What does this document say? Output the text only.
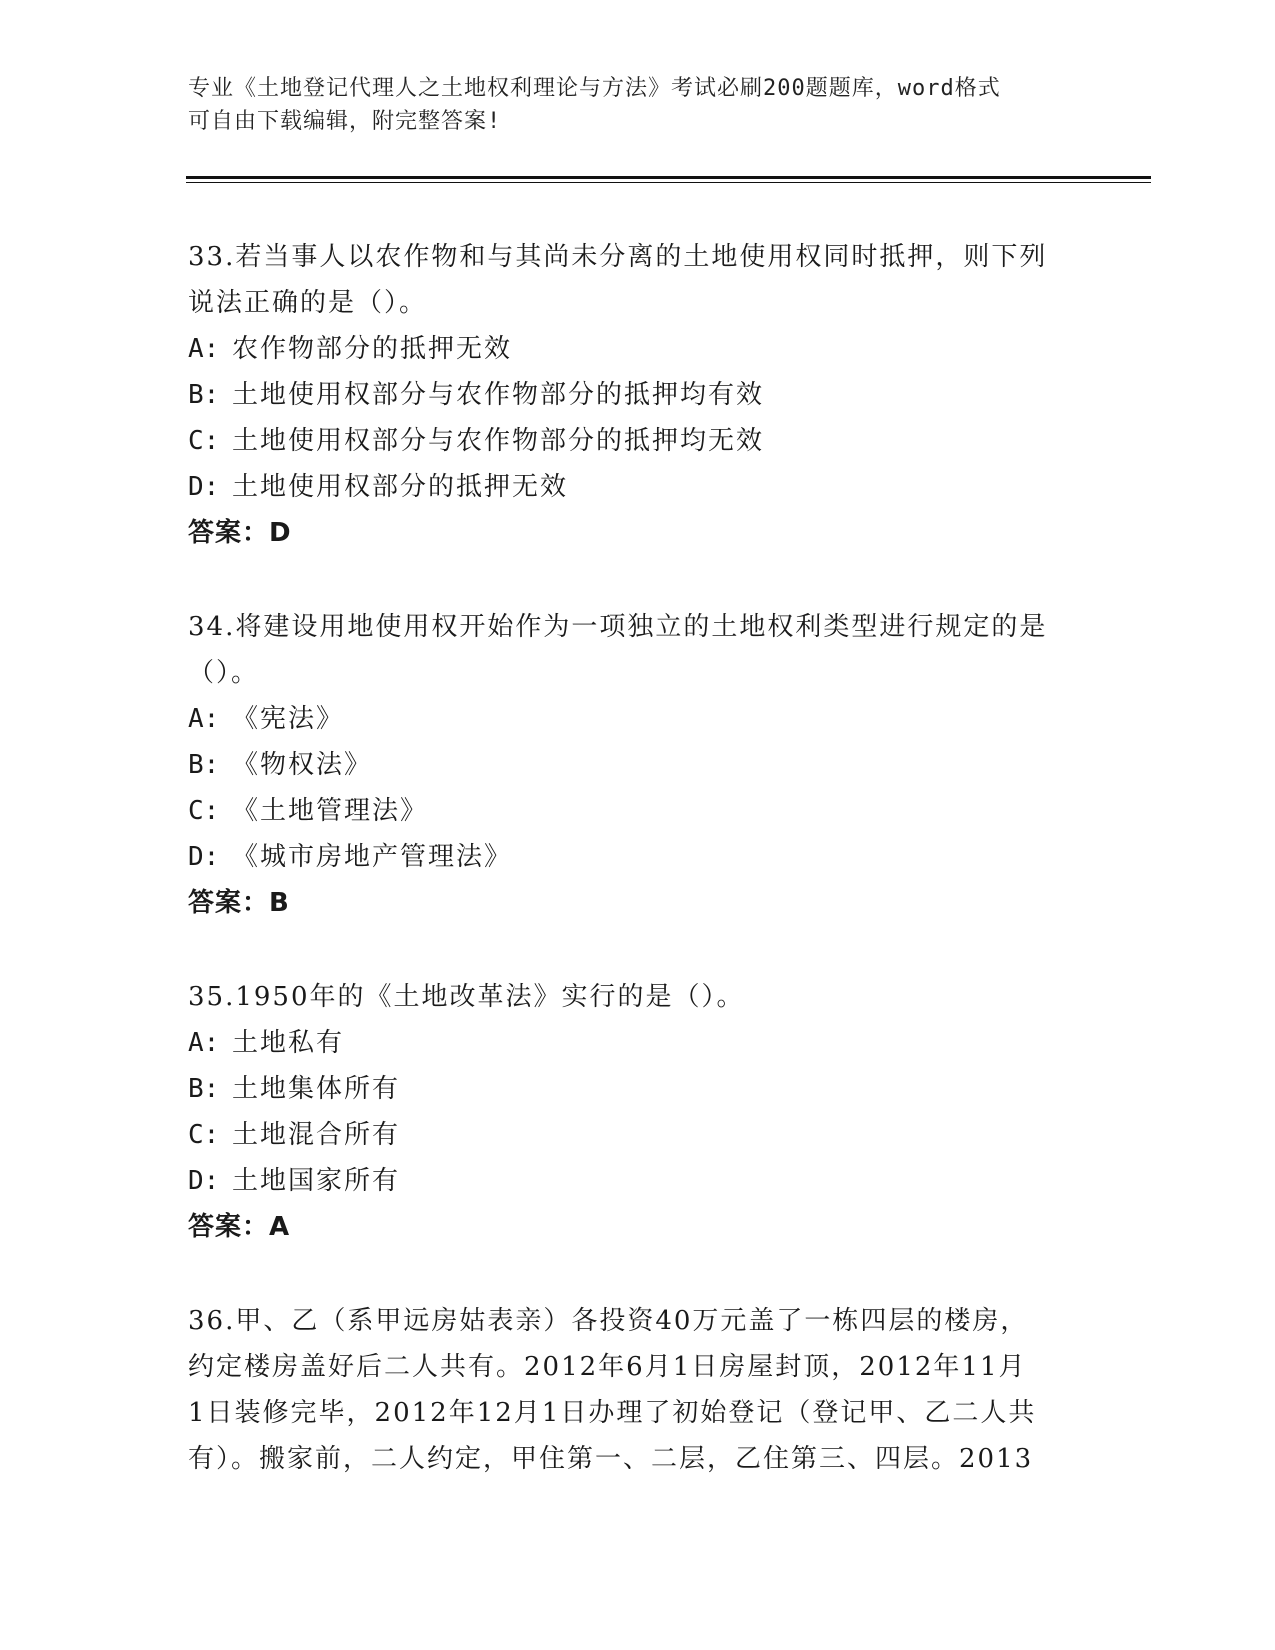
专业《土地登记代理人之土地权利理论与方法》考试必刷200题题库，word格式
可自由下载编辑，附完整答案!

33.若当事人以农作物和与其尚未分离的土地使用权同时抵押，则下列

说法正确的是（）。

A: 农作物部分的抵押无效

B: 土地使用权部分与农作物部分的抵押均有效

C: 土地使用权部分与农作物部分的抵押均无效

D: 土地使用权部分的抵押无效

答案：D

34.将建设用地使用权开始作为一项独立的土地权利类型进行规定的是

（）。

A: 《宪法》

B: 《物权法》

C: 《土地管理法》

D: 《城市房地产管理法》

答案：B

35.1950年的《土地改革法》实行的是（）。

A: 土地私有

B: 土地集体所有

C: 土地混合所有

D: 土地国家所有

答案：A

36.甲、乙（系甲远房姑表亲）各投资40万元盖了一栋四层的楼房，

约定楼房盖好后二人共有。2012年6月1日房屋封顶，2012年11月

1日装修完毕，2012年12月1日办理了初始登记（登记甲、乙二人共

有）。搬家前，二人约定，甲住第一、二层，乙住第三、四层。2013
